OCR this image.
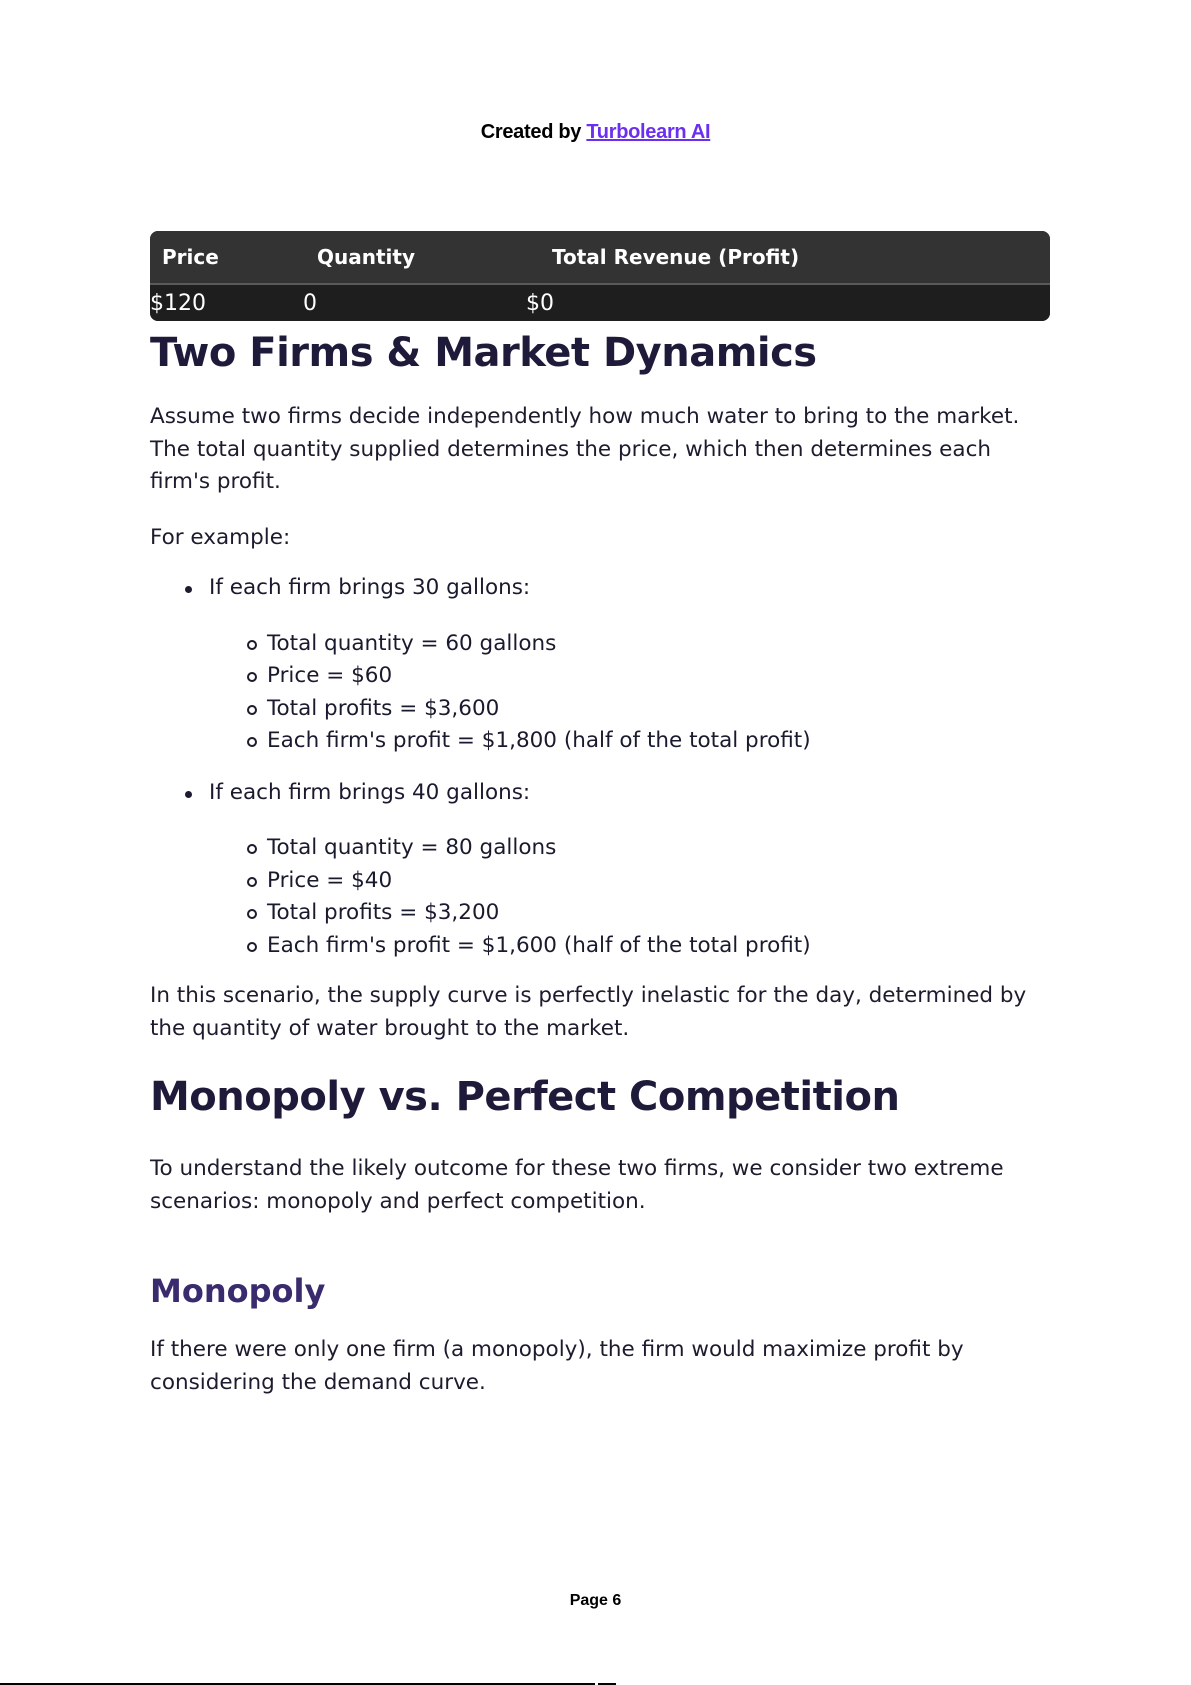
Created by Turbolearn AI
Price	Quantity	Total Revenue (Profit)
$120	0	$0
Two Firms & Market Dynamics

Assume two firms decide independently how much water to bring to the market. The total quantity supplied determines the price, which then determines each firm's profit.

For example:

If each firm brings 30 gallons:
Total quantity = 60 gallons
Price = $60
Total profits = $3,600
Each firm's profit = $1,800 (half of the total profit)
If each firm brings 40 gallons:
Total quantity = 80 gallons
Price = $40
Total profits = $3,200
Each firm's profit = $1,600 (half of the total profit)

In this scenario, the supply curve is perfectly inelastic for the day, determined by the quantity of water brought to the market.

Monopoly vs. Perfect Competition

To understand the likely outcome for these two firms, we consider two extreme scenarios: monopoly and perfect competition.

Monopoly

If there were only one firm (a monopoly), the firm would maximize profit by considering the demand curve.

Page 6
